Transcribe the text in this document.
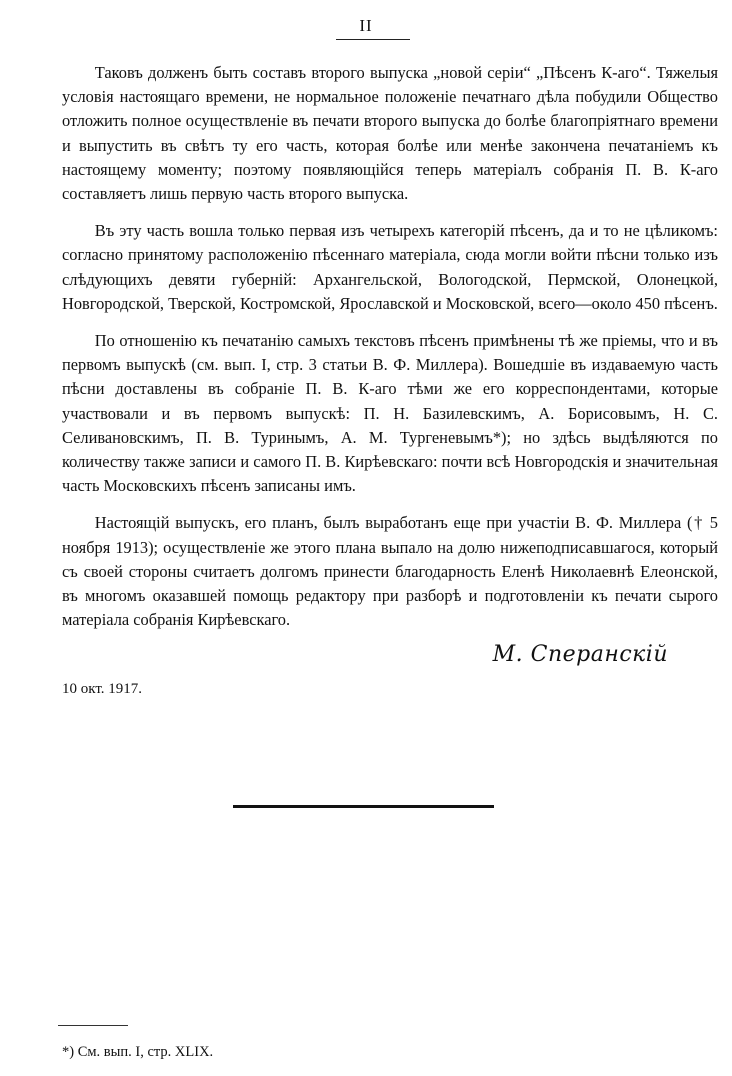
II

Таковъ долженъ быть составъ второго выпуска „новой серіи“ „Пѣсенъ К-аго“. Тяжелыя условія настоящаго времени, не нормальное положеніе печатнаго дѣла побудили Общество отложить полное осуществленіе въ печати второго выпуска до болѣе благопріятнаго времени и выпустить въ свѣтъ ту его часть, которая болѣе или менѣе закончена печатаніемъ къ настоящему моменту; поэтому появляющійся теперь матеріалъ собранія П. В. К-аго составляетъ лишь первую часть второго выпуска.

Въ эту часть вошла только первая изъ четырехъ категорій пѣсенъ, да и то не цѣликомъ: согласно принятому расположенію пѣсеннаго матеріала, сюда могли войти пѣсни только изъ слѣдующихъ девяти губерній: Архангельской, Вологодской, Пермской, Олонецкой, Новгородской, Тверской, Костромской, Ярославской и Московской, всего—около 450 пѣсенъ.

По отношенію къ печатанію самыхъ текстовъ пѣсенъ примѣнены тѣ же пріемы, что и въ первомъ выпускѣ (см. вып. I, стр. 3 статьи В. Ф. Миллера). Вошедшіе въ издаваемую часть пѣсни доставлены въ собраніе П. В. К-аго тѣми же его корреспондентами, которые участвовали и въ первомъ выпускѣ: П. Н. Базилевскимъ, А. Борисовымъ, Н. С. Селивановскимъ, П. В. Туринымъ, А. М. Тургеневымъ*); но здѣсь выдѣляются по количеству также записи и самого П. В. Кирѣевскаго: почти всѣ Новгородскія и значительная часть Московскихъ пѣсенъ записаны имъ.

Настоящій выпускъ, его планъ, былъ выработанъ еще при участіи В. Ф. Миллера († 5 ноября 1913); осуществленіе же этого плана выпало на долю нижеподписавшагося, который съ своей стороны считаетъ долгомъ принести благодарность Еленѣ Николаевнѣ Елеонской, въ многомъ оказавшей помощь редактору при разборѣ и подготовленіи къ печати сырого матеріала собранія Кирѣевскаго.

М. Сперанскій
10 окт. 1917.
*) См. вып. I, стр. XLIX.
